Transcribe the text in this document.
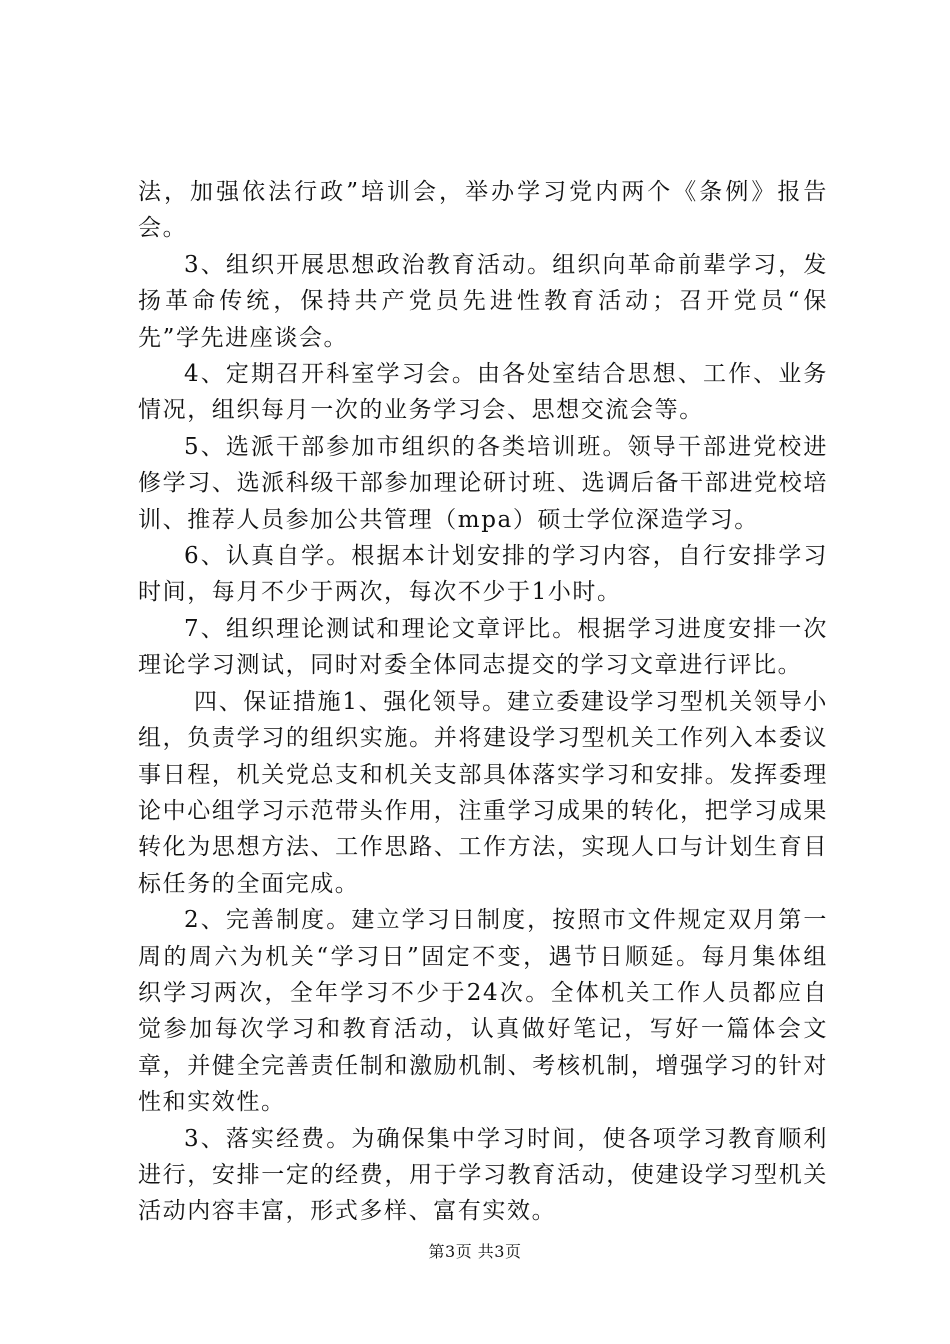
法，加强依法行政”培训会，举办学习党内两个《条例》报告会。

3、组织开展思想政治教育活动。组织向革命前辈学习，发扬革命传统，保持共产党员先进性教育活动；召开党员“保先”学先进座谈会。

4、定期召开科室学习会。由各处室结合思想、工作、业务情况，组织每月一次的业务学习会、思想交流会等。

5、选派干部参加市组织的各类培训班。领导干部进党校进修学习、选派科级干部参加理论研讨班、选调后备干部进党校培训、推荐人员参加公共管理（mpa）硕士学位深造学习。

6、认真自学。根据本计划安排的学习内容，自行安排学习时间，每月不少于两次，每次不少于1小时。

7、组织理论测试和理论文章评比。根据学习进度安排一次理论学习测试，同时对委全体同志提交的学习文章进行评比。

四、保证措施1、强化领导。建立委建设学习型机关领导小组，负责学习的组织实施。并将建设学习型机关工作列入本委议事日程，机关党总支和机关支部具体落实学习和安排。发挥委理论中心组学习示范带头作用，注重学习成果的转化，把学习成果转化为思想方法、工作思路、工作方法，实现人口与计划生育目标任务的全面完成。

2、完善制度。建立学习日制度，按照市文件规定双月第一周的周六为机关“学习日”固定不变，遇节日顺延。每月集体组织学习两次，全年学习不少于24次。全体机关工作人员都应自觉参加每次学习和教育活动，认真做好笔记，写好一篇体会文章，并健全完善责任制和激励机制、考核机制，增强学习的针对性和实效性。

3、落实经费。为确保集中学习时间，使各项学习教育顺利进行，安排一定的经费，用于学习教育活动，使建设学习型机关活动内容丰富，形式多样、富有实效。

第3页 共3页
